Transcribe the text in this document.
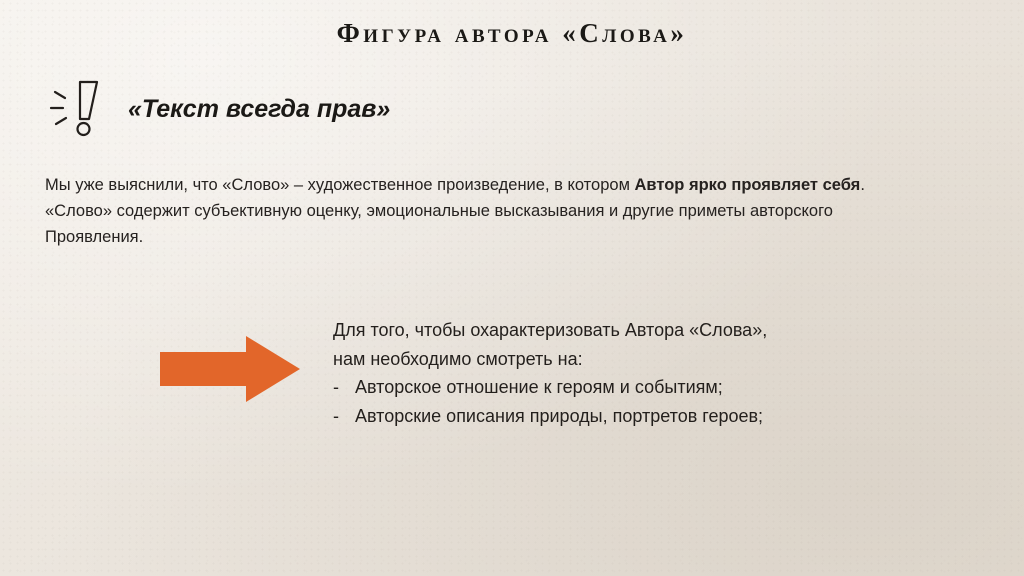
Фигура автора «Слова»
«Текст всегда прав»
Мы уже выяснили, что «Слово» – художественное произведение, в котором Автор ярко проявляет себя. «Слово» содержит субъективную оценку, эмоциональные высказывания и другие приметы авторского Проявления.
Для того, чтобы охарактеризовать Автора «Слова»,
нам необходимо смотреть на:
- Авторское отношение к героям и событиям;
- Авторские описания природы, портретов героев;
